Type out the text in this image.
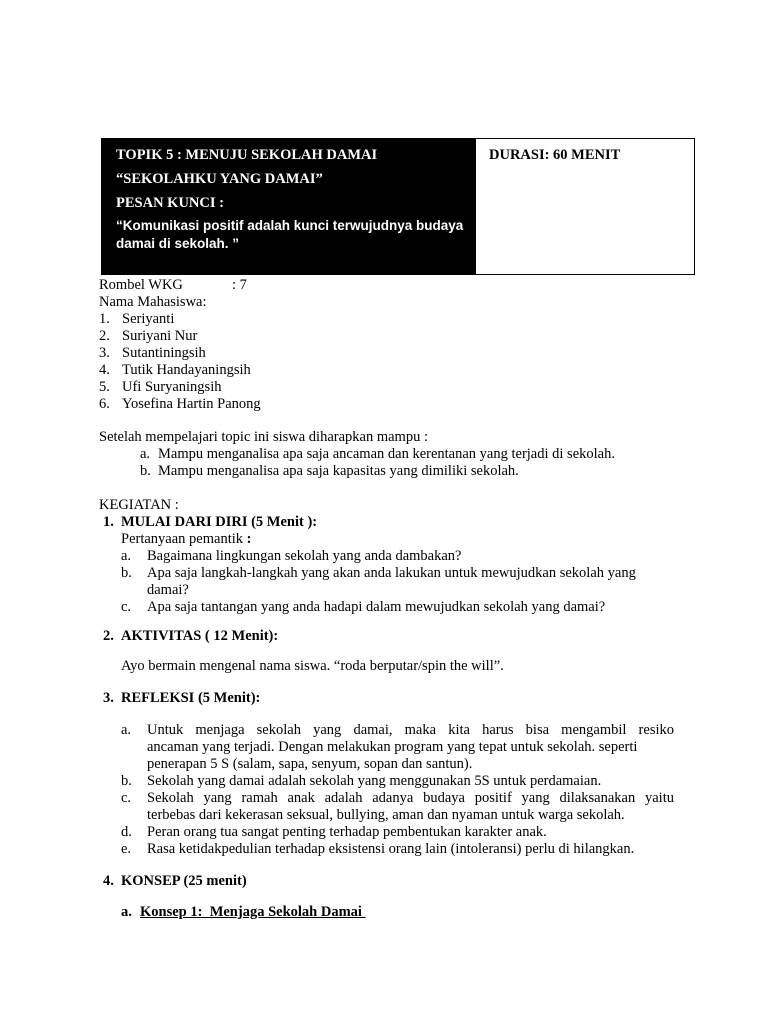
TOPIK 5 : MENUJU SEKOLAH DAMAI
“SEKOLAHKU YANG DAMAI”
PESAN KUNCI :
“Komunikasi positif adalah kunci terwujudnya budaya
damai di sekolah. ”
DURASI: 60 MENIT
Rombel WKG	: 7
Nama Mahasiswa:
1. Seriyanti
2. Suriyani Nur
3. Sutantiningsih
4. Tutik Handayaningsih
5. Ufi Suryaningsih
6. Yosefina Hartin Panong
Setelah mempelajari topic ini siswa diharapkan mampu :
a. Mampu menganalisa apa saja ancaman dan kerentanan yang terjadi di sekolah.
b. Mampu menganalisa apa saja kapasitas yang dimiliki sekolah.
KEGIATAN :
1. MULAI DARI DIRI (5 Menit ):
Pertanyaan pemantik :
a. Bagaimana lingkungan sekolah yang anda dambakan?
b. Apa saja langkah-langkah yang akan anda lakukan untuk mewujudkan sekolah yang
damai?
c. Apa saja tantangan yang anda hadapi dalam mewujudkan sekolah yang damai?
2. AKTIVITAS ( 12 Menit):
Ayo bermain mengenal nama siswa. “roda berputar/spin the will”.
3. REFLEKSI (5 Menit):
a. Untuk menjaga sekolah yang damai, maka kita harus bisa mengambil resiko
ancaman yang terjadi. Dengan melakukan program yang tepat untuk sekolah. seperti
penerapan 5 S (salam, sapa, senyum, sopan dan santun).
b. Sekolah yang damai adalah sekolah yang menggunakan 5S untuk perdamaian.
c. Sekolah yang ramah anak adalah adanya budaya positif yang dilaksanakan yaitu
terbebas dari kekerasan seksual, bullying, aman dan nyaman untuk warga sekolah.
d. Peran orang tua sangat penting terhadap pembentukan karakter anak.
e. Rasa ketidakpedulian terhadap eksistensi orang lain (intoleransi) perlu di hilangkan.
4. KONSEP (25 menit)
a. Konsep 1:  Menjaga Sekolah Damai
